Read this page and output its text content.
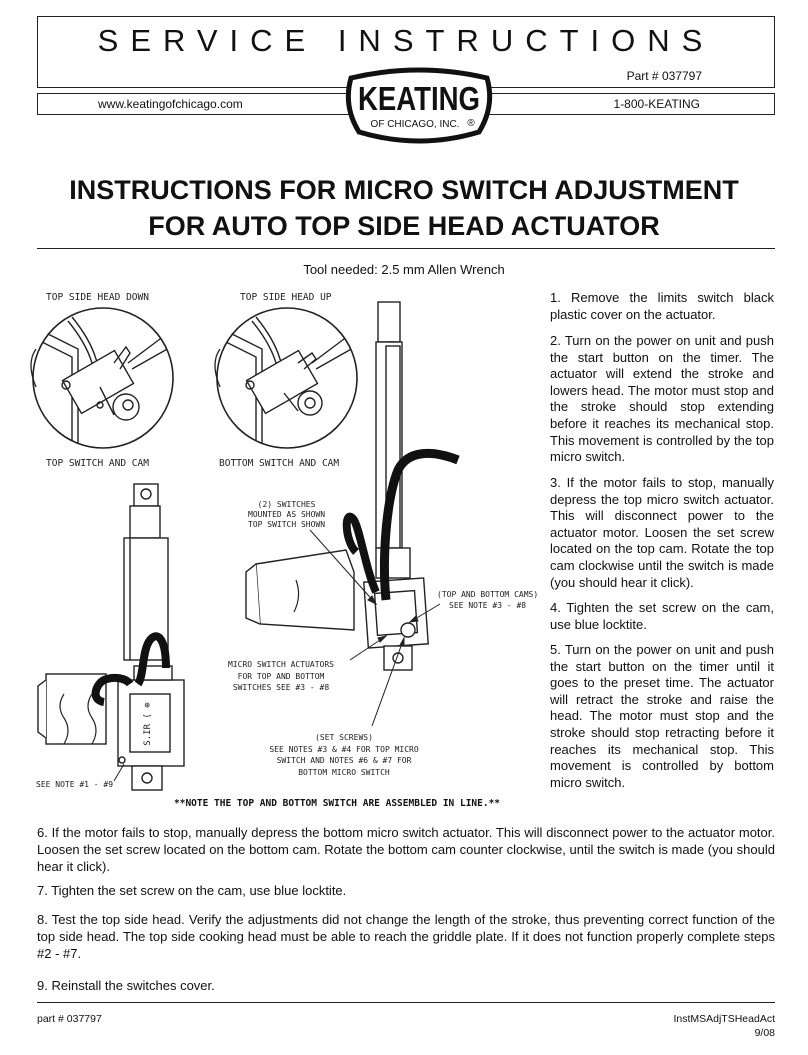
SERVICE INSTRUCTIONS
Part # 037797
www.keatingofchicago.com	1-800-KEATING
KEATING
OF CHICAGO, INC. ®
INSTRUCTIONS FOR MICRO SWITCH ADJUSTMENT
FOR AUTO TOP SIDE HEAD ACTUATOR
Tool needed: 2.5 mm Allen Wrench
TOP SIDE HEAD DOWN	TOP SIDE HEAD UP
TOP SWITCH AND CAM	BOTTOM SWITCH AND CAM
S.IR ( ⊕
(2) SWITCHES
MOUNTED AS SHOWN
TOP SWITCH SHOWN
(TOP AND BOTTOM CAMS)
SEE NOTE #3 - #8
MICRO SWITCH ACTUATORS
FOR TOP AND BOTTOM
SWITCHES SEE #3 - #8
(SET SCREWS)
SEE NOTES #3 & #4 FOR TOP MICRO
SWITCH AND NOTES #6 & #7 FOR
BOTTOM MICRO SWITCH
SEE NOTE #1 - #9
**NOTE THE TOP AND BOTTOM SWITCH ARE ASSEMBLED IN LINE.**
1. Remove the limits switch black plastic cover on the actuator.
2. Turn on the power on unit and push the start button on the timer. The actuator will extend the stroke and lowers head. The motor must stop and the stroke should stop extending before it reaches its mechanical stop. This movement is controlled by the top micro switch.
3. If the motor fails to stop, manually depress the top micro switch actuator. This will disconnect power to the actuator motor. Loosen the set screw located on the top cam. Rotate the top cam clockwise until the switch is made (you should hear it click).
4. Tighten the set screw on the cam, use blue locktite.
5. Turn on the power on unit and push the start button on the timer until it goes to the preset time. The actuator will retract the stroke and raise the head. The motor must stop and the stroke should stop retracting before it reaches its mechanical stop. This movement is controlled by bottom micro switch.
6. If the motor fails to stop, manually depress the bottom micro switch actuator. This will disconnect power to the actuator motor. Loosen the set screw located on the bottom cam. Rotate the bottom cam counter clockwise, until the switch is made (you should hear it click).
7. Tighten the set screw on the cam, use blue locktite.
8. Test the top side head. Verify the adjustments did not change the length of the stroke, thus preventing correct function of the top side head. The top side cooking head must be able to reach the griddle plate. If it does not function properly complete steps #2 - #7.
9. Reinstall the switches cover.
part # 037797	InstMSAdjTSHeadAct
9/08
